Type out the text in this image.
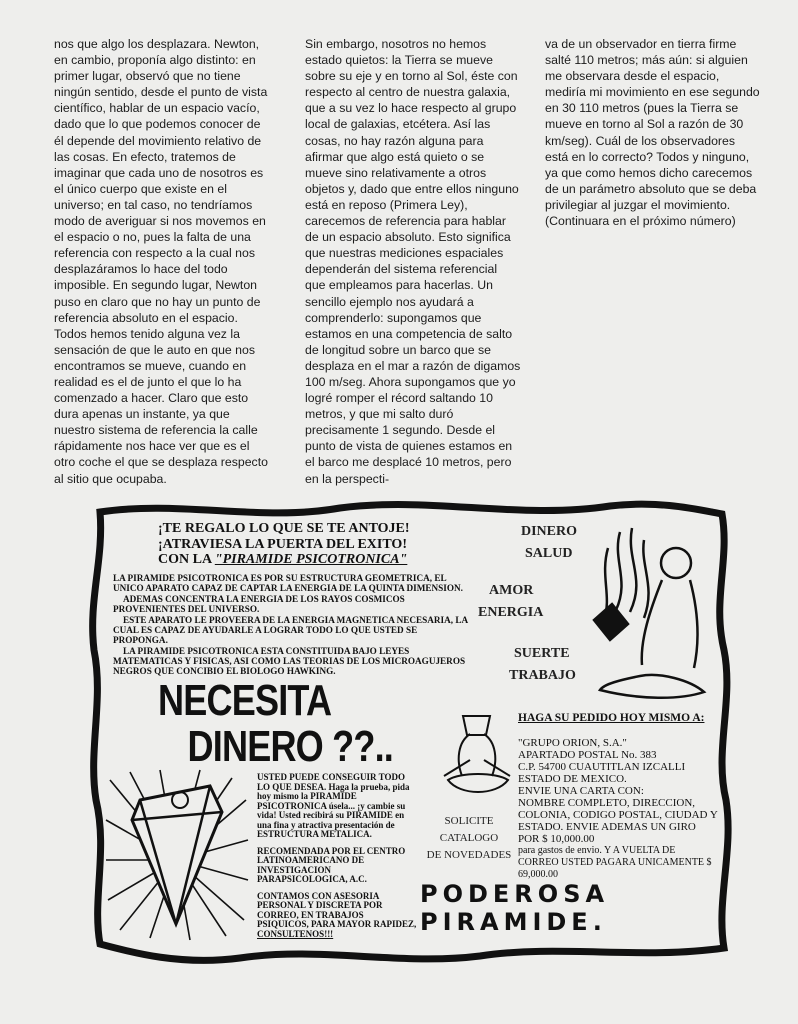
nos que algo los desplazara. Newton, en cambio, proponía algo distinto: en primer lugar, observó que no tiene ningún sentido, desde el punto de vista científico, hablar de un espacio vacío, dado que lo que podemos conocer de él depende del movimiento relativo de las cosas. En efecto, tratemos de imaginar que cada uno de nosotros es el único cuerpo que existe en el universo; en tal caso, no tendríamos modo de averiguar si nos movemos en el espacio o no, pues la falta de una referencia con respecto a la cual nos desplazáramos lo hace del todo imposible. En segundo lugar, Newton puso en claro que no hay un punto de referencia absoluto en el espacio. Todos hemos tenido alguna vez la sensación de que le auto en que nos encontramos se mueve, cuando en realidad es el de junto el que lo ha comenzado a hacer. Claro que esto dura apenas un instante, ya que nuestro sistema de referencia la calle rápidamente nos hace ver que es el otro coche el que se desplaza respecto al sitio que ocupaba.
Sin embargo, nosotros no hemos estado quietos: la Tierra se mueve sobre su eje y en torno al Sol, éste con respecto al centro de nuestra galaxia, que a su vez lo hace respecto al grupo local de galaxias, etcétera. Así las cosas, no hay razón alguna para afirmar que algo está quieto o se mueve sino relativamente a otros objetos y, dado que entre ellos ninguno está en reposo (Primera Ley), carecemos de referencia para hablar de un espacio absoluto. Esto significa que nuestras mediciones espaciales dependerán del sistema referencial que empleamos para hacerlas. Un sencillo ejemplo nos ayudará a comprenderlo: supongamos que estamos en una competencia de salto de longitud sobre un barco que se desplaza en el mar a razón de digamos 100 m/seg. Ahora supongamos que yo logré romper el récord saltando 10 metros, y que mi salto duró precisamente 1 segundo. Desde el punto de vista de quienes estamos en el barco me desplacé 10 metros, pero en la perspecti-
va de un observador en tierra firme salté 110 metros; más aún: si alguien me observara desde el espacio, mediría mi movimiento en ese segundo en 30 110 metros (pues la Tierra se mueve en torno al Sol a razón de 30 km/seg). Cuál de los observadores está en lo correcto? Todos y ninguno, ya que como hemos dicho carecemos de un parámetro absoluto que se deba privilegiar al juzgar el movimiento. (Continuara en el próximo número)
¡TE REGALO LO QUE SE TE ANTOJE!
¡ATRAVIESA LA PUERTA DEL EXITO!
CON LA "PIRAMIDE PSICOTRONICA"

LA PIRAMIDE PSICOTRONICA ES POR SU ESTRUCTURA GEOMETRICA, EL UNICO APARATO CAPAZ DE CAPTAR LA ENERGIA DE LA QUINTA DIMENSION.

ADEMAS CONCENTRA LA ENERGIA DE LOS RAYOS COSMICOS PROVENIENTES DEL UNIVERSO.

ESTE APARATO LE PROVEERA DE LA ENERGIA MAGNETICA NECESARIA, LA CUAL ES CAPAZ DE AYUDARLE A LOGRAR TODO LO QUE USTED SE PROPONGA.

LA PIRAMIDE PSICOTRONICA ESTA CONSTITUIDA BAJO LEYES MATEMATICAS Y FISICAS, ASI COMO LAS TEORIAS DE LOS MICROAGUJEROS NEGROS QUE CONCIBIO EL BIOLOGO HAWKING.

DINERO
SALUD
AMOR
ENERGIA
SUERTE
TRABAJO
NECESITA
DINERO ??..

USTED PUEDE CONSEGUIR TODO LO QUE DESEA. Haga la prueba, pida hoy mismo la PIRAMIDE PSICOTRONICA úsela... ¡y cambie su vida! Usted recibirá su PIRAMIDE en una fina y atractiva presentación de ESTRUCTURA METALICA.

RECOMENDADA POR EL CENTRO LATINOAMERICANO DE INVESTIGACION PARAPSICOLOGICA, A.C.

CONTAMOS CON ASESORIA PERSONAL Y DISCRETA POR CORREO, EN TRABAJOS PSIQUICOS, PARA MAYOR RAPIDEZ, CONSULTENOS!!!

SOLICITE
CATALOGO
DE NOVEDADES
HAGA SU PEDIDO HOY MISMO A:
"GRUPO ORION, S.A."
APARTADO POSTAL No. 383
C.P. 54700 CUAUTITLAN IZCALLI
ESTADO DE MEXICO.
ENVIE UNA CARTA CON:
NOMBRE COMPLETO, DIRECCION, COLONIA, CODIGO POSTAL, CIUDAD Y ESTADO. ENVIE ADEMAS UN GIRO POR $ 10,000.00
para gastos de envio. Y A VUELTA DE CORREO USTED PAGARA UNICAMENTE $ 69,000.00
PODEROSA
PIRAMIDE.
